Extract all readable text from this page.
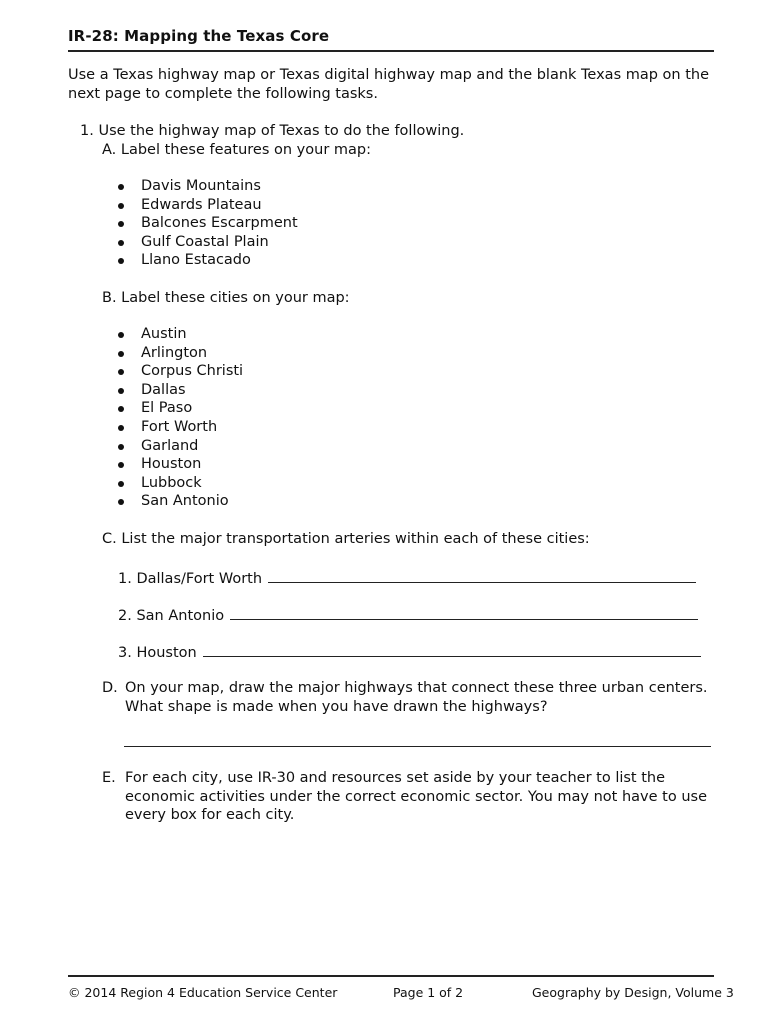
IR-28: Mapping the Texas Core
Use a Texas highway map or Texas digital highway map and the blank Texas map on the next page to complete the following tasks.
1. Use the highway map of Texas to do the following.
A. Label these features on your map:
Davis Mountains
Edwards Plateau
Balcones Escarpment
Gulf Coastal Plain
Llano Estacado
B. Label these cities on your map:
Austin
Arlington
Corpus Christi
Dallas
El Paso
Fort Worth
Garland
Houston
Lubbock
San Antonio
C. List the major transportation arteries within each of these cities:
1. Dallas/Fort Worth
2. San Antonio
3. Houston
D. On your map, draw the major highways that connect these three urban centers. What shape is made when you have drawn the highways?
E. For each city, use IR-30 and resources set aside by your teacher to list the economic activities under the correct economic sector. You may not have to use every box for each city.
© 2014 Region 4 Education Service Center	Page 1 of 2	Geography by Design, Volume 3
